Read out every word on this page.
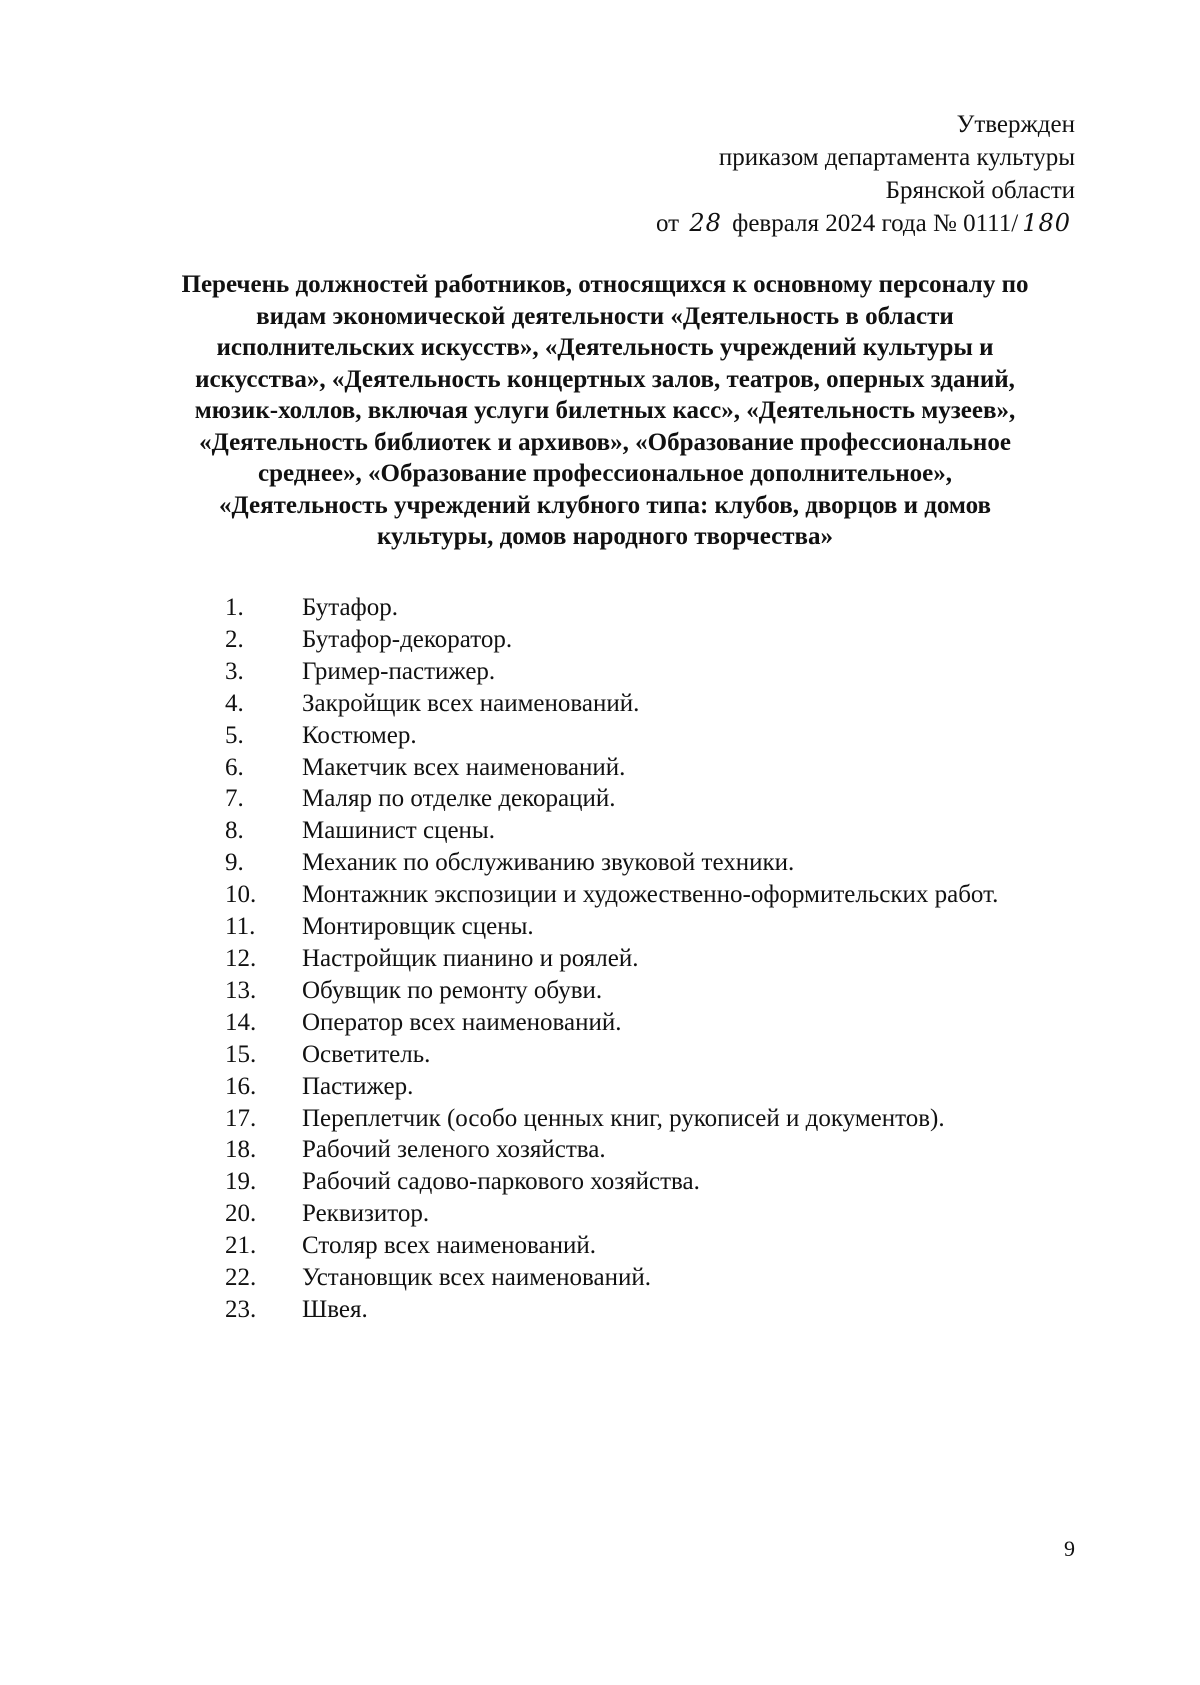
Утвержден
приказом департамента культуры
Брянской области
от 28 февраля 2024 года № 0111/ 180
Перечень должностей работников, относящихся к основному персоналу по
видам экономической деятельности «Деятельность в области
исполнительских искусств», «Деятельность учреждений культуры и
искусства», «Деятельность концертных залов, театров, оперных зданий,
мюзик-холлов, включая услуги билетных касс», «Деятельность музеев»,
«Деятельность библиотек и архивов», «Образование профессиональное
среднее», «Образование профессиональное дополнительное»,
«Деятельность учреждений клубного типа: клубов, дворцов и домов
культуры, домов народного творчества»
1.	Бутафор.
2.	Бутафор-декоратор.
3.	Гример-пастижер.
4.	Закройщик всех наименований.
5.	Костюмер.
6.	Макетчик всех наименований.
7.	Маляр по отделке декораций.
8.	Машинист сцены.
9.	Механик по обслуживанию звуковой техники.
10.	Монтажник экспозиции и художественно-оформительских работ.
11.	Монтировщик сцены.
12.	Настройщик пианино и роялей.
13.	Обувщик по ремонту обуви.
14.	Оператор всех наименований.
15.	Осветитель.
16.	Пастижер.
17.	Переплетчик (особо ценных книг, рукописей и документов).
18.	Рабочий зеленого хозяйства.
19.	Рабочий садово-паркового хозяйства.
20.	Реквизитор.
21.	Столяр всех наименований.
22.	Установщик всех наименований.
23.	Швея.
9
